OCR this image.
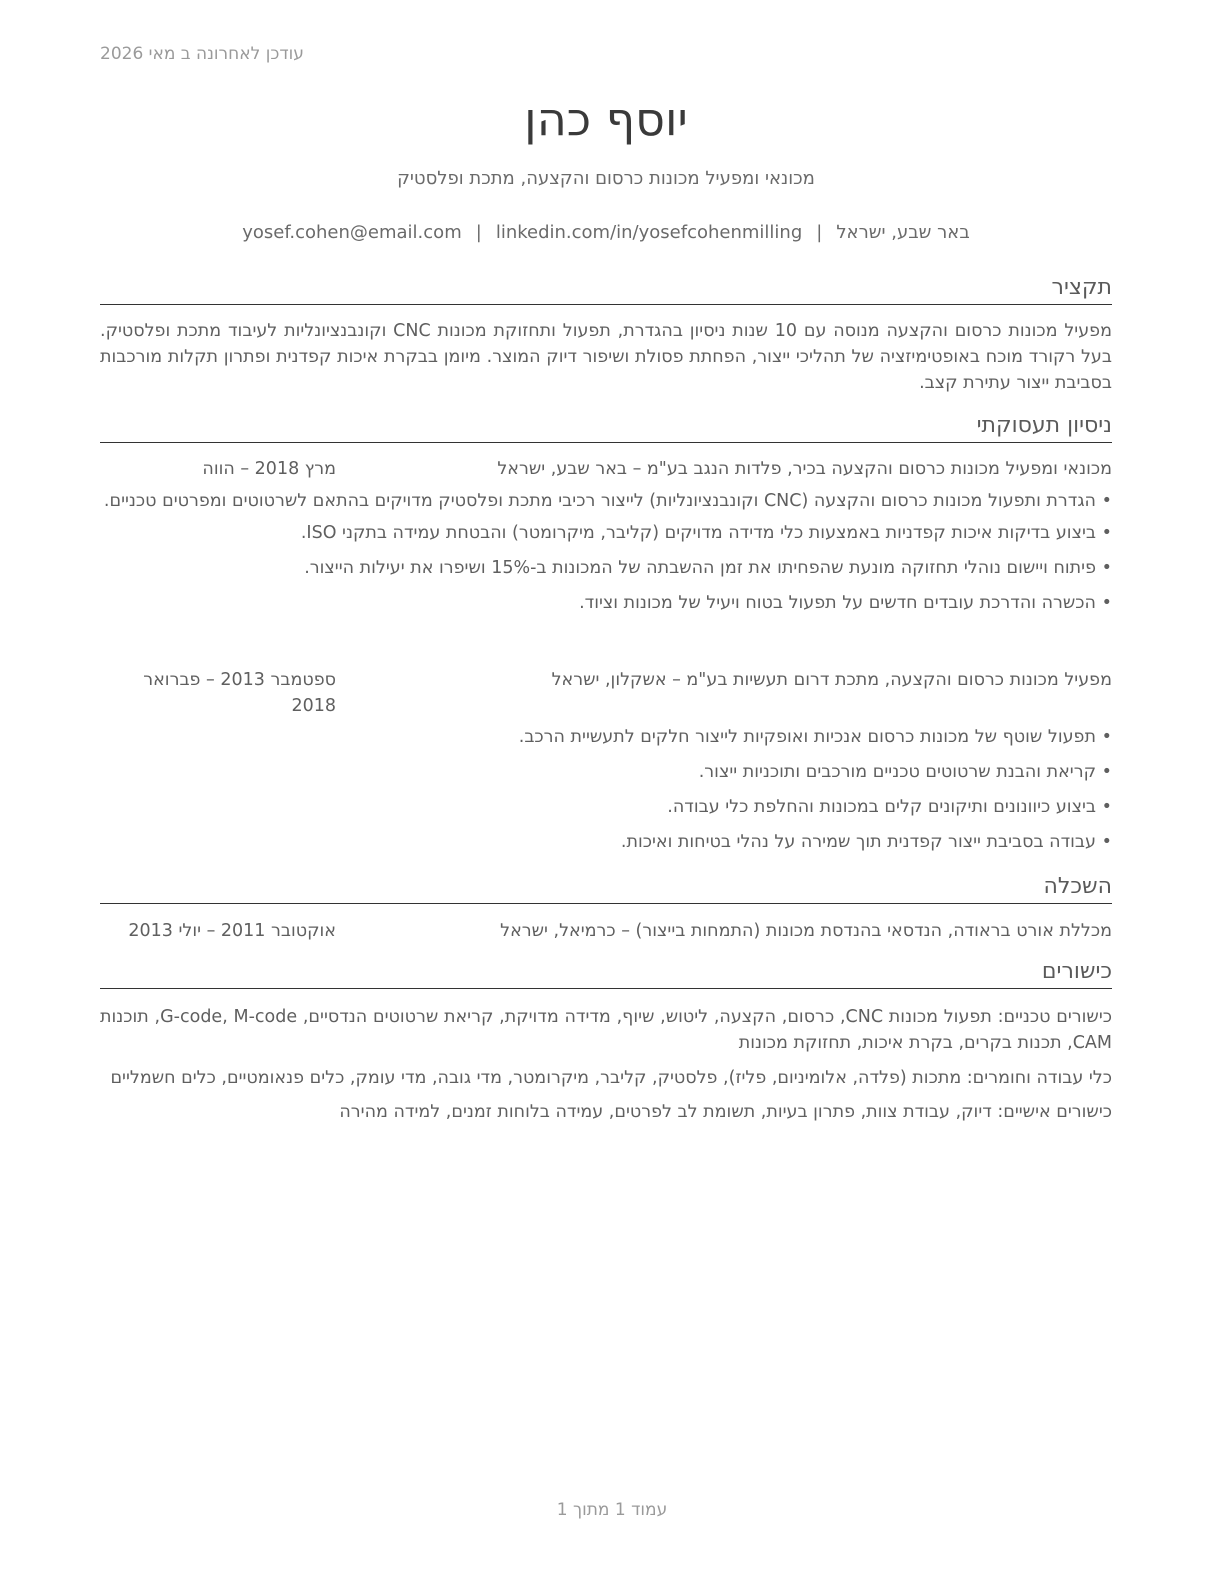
עודכן לאחרונה ב מאי 2026

יוסף כהן

מכונאי ומפעיל מכונות כרסום והקצעה, מתכת ופלסטיק

באר שבע, ישראל|yosef.cohen@email.com | linkedin.com/in/yosefcohenmilling

תקציר

מפעיל מכונות כרסום והקצעה מנוסה עם 10 שנות ניסיון בהגדרת, תפעול ותחזוקת מכונות CNC וקונבנציונליות לעיבוד מתכת ופלסטיק. בעל רקורד מוכח באופטימיזציה של תהליכי ייצור, הפחתת פסולת ושיפור דיוק המוצר. מיומן בבקרת איכות קפדנית ופתרון תקלות מורכבות בסביבת ייצור עתירת קצב.

ניסיון תעסוקתי
מכונאי ומפעיל מכונות כרסום והקצעה בכיר, פלדות הנגב בע"מ – באר שבע, ישראל
מרץ 2018 – הווה
• הגדרת ותפעול מכונות כרסום והקצעה (CNC וקונבנציונליות) לייצור רכיבי מתכת ופלסטיק מדויקים בהתאם לשרטוטים ומפרטים טכניים.
• ביצוע בדיקות איכות קפדניות באמצעות כלי מדידה מדויקים (קליבר, מיקרומטר) והבטחת עמידה בתקני ISO.
• פיתוח ויישום נוהלי תחזוקה מונעת שהפחיתו את זמן ההשבתה של המכונות ב-15% ושיפרו את יעילות הייצור.
• הכשרה והדרכת עובדים חדשים על תפעול בטוח ויעיל של מכונות וציוד.
מפעיל מכונות כרסום והקצעה, מתכת דרום תעשיות בע"מ – אשקלון, ישראל
ספטמבר 2013 – פברואר 2018
• תפעול שוטף של מכונות כרסום אנכיות ואופקיות לייצור חלקים לתעשיית הרכב.
• קריאת והבנת שרטוטים טכניים מורכבים ותוכניות ייצור.
• ביצוע כיוונונים ותיקונים קלים במכונות והחלפת כלי עבודה.
• עבודה בסביבת ייצור קפדנית תוך שמירה על נהלי בטיחות ואיכות.
השכלה
מכללת אורט בראודה, הנדסאי בהנדסת מכונות (התמחות בייצור) – כרמיאל, ישראל
אוקטובר 2011 – יולי 2013
כישורים

כישורים טכניים: תפעול מכונות CNC, כרסום, הקצעה, ליטוש, שיוף, מדידה מדויקת, קריאת שרטוטים הנדסיים, G-code, M-code, תוכנות CAM, תכנות בקרים, בקרת איכות, תחזוקת מכונות

כלי עבודה וחומרים: מתכות (פלדה, אלומיניום, פליז), פלסטיק, קליבר, מיקרומטר, מדי גובה, מדי עומק, כלים פנאומטיים, כלים חשמליים

כישורים אישיים: דיוק, עבודת צוות, פתרון בעיות, תשומת לב לפרטים, עמידה בלוחות זמנים, למידה מהירה

עמוד 1 מתוך 1
